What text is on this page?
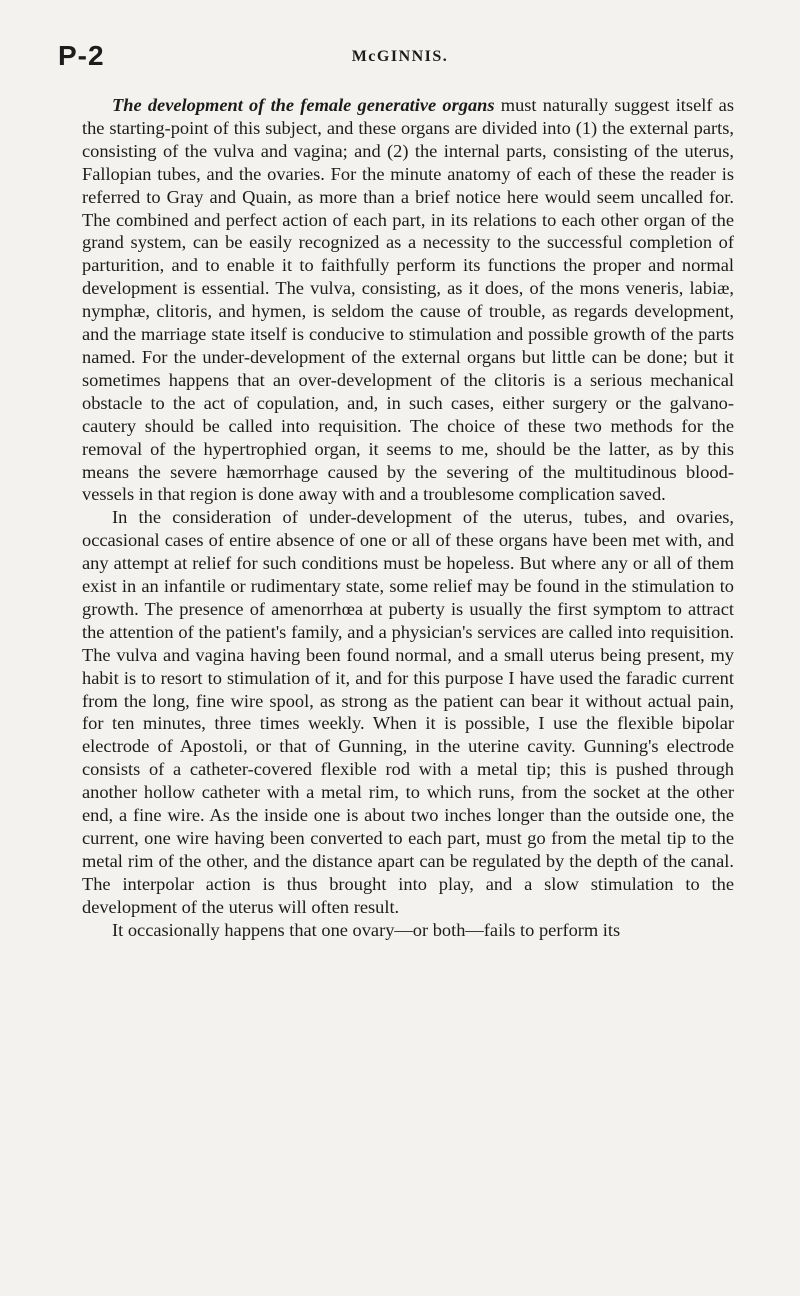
P-2	McGINNIS.

The development of the female generative organs must naturally suggest itself as the starting-point of this subject, and these organs are divided into (1) the external parts, consisting of the vulva and vagina; and (2) the internal parts, consisting of the uterus, Fallopian tubes, and the ovaries. For the minute anatomy of each of these the reader is referred to Gray and Quain, as more than a brief notice here would seem uncalled for. The combined and perfect action of each part, in its relations to each other organ of the grand system, can be easily recognized as a necessity to the successful completion of parturition, and to enable it to faithfully perform its functions the proper and normal development is essential. The vulva, consisting, as it does, of the mons veneris, labiæ, nymphæ, clitoris, and hymen, is seldom the cause of trouble, as regards development, and the marriage state itself is conducive to stimulation and possible growth of the parts named. For the under-development of the external organs but little can be done; but it sometimes happens that an over-development of the clitoris is a serious mechanical obstacle to the act of copulation, and, in such cases, either surgery or the galvano-cautery should be called into requisition. The choice of these two methods for the removal of the hypertrophied organ, it seems to me, should be the latter, as by this means the severe hæmorrhage caused by the severing of the multitudinous blood-vessels in that region is done away with and a troublesome complication saved.

In the consideration of under-development of the uterus, tubes, and ovaries, occasional cases of entire absence of one or all of these organs have been met with, and any attempt at relief for such conditions must be hopeless. But where any or all of them exist in an infantile or rudimentary state, some relief may be found in the stimulation to growth. The presence of amenorrhœa at puberty is usually the first symptom to attract the attention of the patient's family, and a physician's services are called into requisition. The vulva and vagina having been found normal, and a small uterus being present, my habit is to resort to stimulation of it, and for this purpose I have used the faradic current from the long, fine wire spool, as strong as the patient can bear it without actual pain, for ten minutes, three times weekly. When it is possible, I use the flexible bipolar electrode of Apostoli, or that of Gunning, in the uterine cavity. Gunning's electrode consists of a catheter-covered flexible rod with a metal tip; this is pushed through another hollow catheter with a metal rim, to which runs, from the socket at the other end, a fine wire. As the inside one is about two inches longer than the outside one, the current, one wire having been converted to each part, must go from the metal tip to the metal rim of the other, and the distance apart can be regulated by the depth of the canal. The interpolar action is thus brought into play, and a slow stimulation to the development of the uterus will often result.

It occasionally happens that one ovary—or both—fails to perform its
